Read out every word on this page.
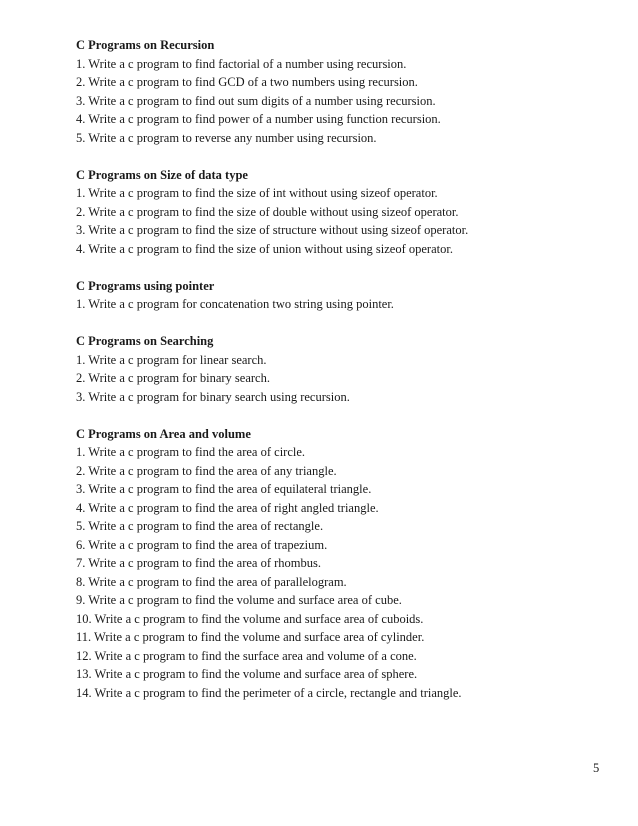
C Programs on Recursion

1. Write a c program to find factorial of a number using recursion.

2. Write a c program to find GCD of a two numbers using recursion.

3. Write a c program to find out sum digits of a number using recursion.

4. Write a c program to find power of a number using function recursion.

5. Write a c program to reverse any number using recursion.

C Programs on Size of data type

1. Write a c program to find the size of int without using sizeof operator.

2. Write a c program to find the size of double without using sizeof operator.

3. Write a c program to find the size of structure without using sizeof operator.

4. Write a c program to find the size of union without using sizeof operator.

C Programs using pointer

1. Write a c program for concatenation two string using pointer.

C Programs on Searching

1. Write a c program for linear search.

2. Write a c program for binary search.

3. Write a c program for binary search using recursion.

C Programs on Area and volume

1. Write a c program to find the area of circle.

2. Write a c program to find the area of any triangle.

3. Write a c program to find the area of equilateral triangle.

4. Write a c program to find the area of right angled triangle.

5. Write a c program to find the area of rectangle.

6. Write a c program to find the area of trapezium.

7. Write a c program to find the area of rhombus.

8. Write a c program to find the area of parallelogram.

9. Write a c program to find the volume and surface area of cube.

10. Write a c program to find the volume and surface area of cuboids.

11. Write a c program to find the volume and surface area of cylinder.

12. Write a c program to find the surface area and volume of a cone.

13. Write a c program to find the volume and surface area of sphere.

14. Write a c program to find the perimeter of a circle, rectangle and triangle.

5
